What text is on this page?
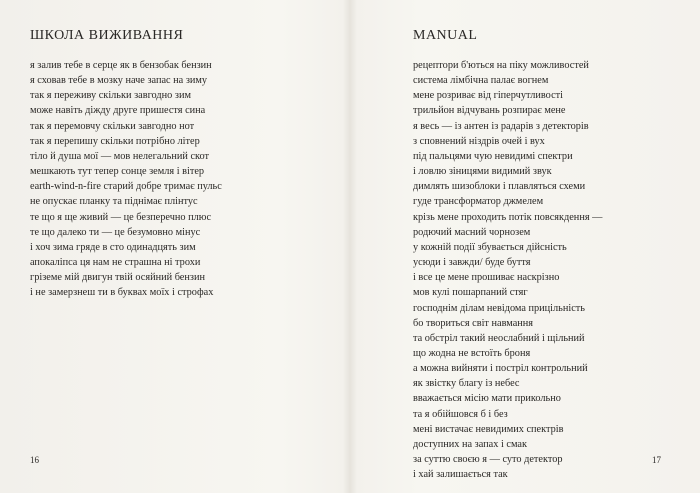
ШКОЛА ВИЖИВАННЯ
я залив тебе в серце як в бензобак бензин
я сховав тебе в мозку наче запас на зиму
так я переживу скільки завгодно зим
може навіть діжду друге пришестя сина
так я перемовчу скільки завгодно нот
так я перепишу скільки потрібно літер
тіло й душа мої — мов нелегальний скот
мешкають тут тепер сонце земля і вітер
earth-wind-n-fire старий добре тримає пульс
не опускає планку та піднімає плінтус
те що я ще живий — це безперечно плюс
те що далеко ти — це безумовно мінус
і хоч зима гряде в сто одинадцять зим
апокаліпса ця нам не страшна ні трохи
гріземе мій двигун твій осяйний бензин
і не замерзнеш ти в буквах моїх і строфах
16
MANUAL
рецептори б'ються на піку можливостей
система лімбічна палає вогнем
мене розриває від гіперчутливості
трильйон відчувань розпирає мене
я весь — із антен із радарів з детекторів
з сповнений ніздрів очей і вух
під пальцями чую невидимі спектри
і ловлю зіницями видимий звук
димлять шизоблоки і плавляться схеми
гуде трансформатор джмелем
крізь мене проходить потік повсякдення —
родючий масний чорнозем
у кожній події збувається дійсність
усюди і завжди/ буде буття
і все це мене прошиває наскрізно
мов кулі пошарпаний стяг
господнім ділам невідома прицільність
бо твориться світ навмання
та обстріл такий неослабний і щільний
що жодна не встоїть броня
а можна вийняти і постріл контрольний
як звістку благу із небес
вважається місію мати прикольно
та я обійшовся б і без
мені вистачає невидимих спектрів
доступних на запах і смак
за суттю своєю я — суто детектор
і хай залишається так
17
